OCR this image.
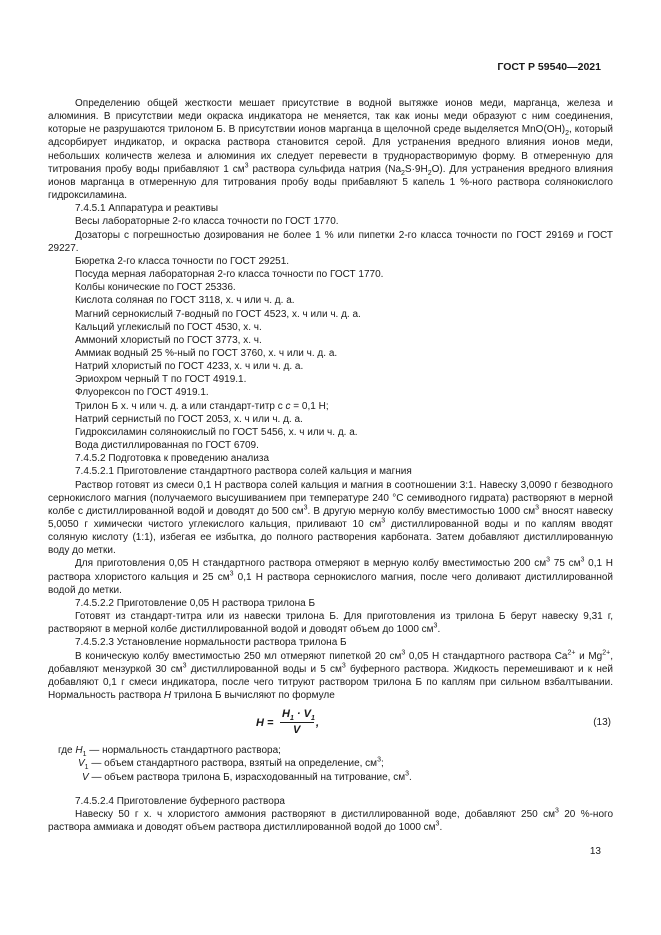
ГОСТ Р 59540—2021

Определению общей жесткости мешает присутствие в водной вытяжке ионов меди, марганца, железа и алюминия. В присутствии меди окраска индикатора не меняется, так как ионы меди образуют с ним соединения, которые не разрушаются трилоном Б. В присутствии ионов марганца в щелочной среде выделяется $MnO(OH)_2$, который адсорбирует индикатор, и окраска раствора становится серой. Для устранения вредного влияния ионов меди, небольших количеств железа и алюминия их следует перевести в труднорастворимую форму. В отмеренную для титрования пробу воды прибавляют 1 $см^3$ раствора сульфида натрия $(Na_2S\cdot 9H_2O)$. Для устранения вредного влияния ионов марганца в отмеренную для титрования пробу воды прибавляют 5 капель 1 %-ного раствора солянокислого гидроксиламина.

7.4.5.1 Аппаратура и реактивы

Весы лабораторные 2-го класса точности по ГОСТ 1770.

Дозаторы с погрешностью дозирования не более 1 % или пипетки 2-го класса точности по ГОСТ 29169 и ГОСТ 29227.

Бюретка 2-го класса точности по ГОСТ 29251.

Посуда мерная лабораторная 2-го класса точности по ГОСТ 1770.

Колбы конические по ГОСТ 25336.

Кислота соляная по ГОСТ 3118, х. ч или ч. д. а.

Магний сернокислый 7-водный по ГОСТ 4523, х. ч или ч. д. а.

Кальций углекислый по ГОСТ 4530, х. ч.

Аммоний хлористый по ГОСТ 3773, х. ч.

Аммиак водный 25 %-ный по ГОСТ 3760, х. ч или ч. д. а.

Натрий хлористый по ГОСТ 4233, х. ч или ч. д. а.

Эриохром черный Т по ГОСТ 4919.1.

Флуорексон по ГОСТ 4919.1.

Трилон Б х. ч или ч. д. а или стандарт-титр с c = 0,1 Н;

Натрий сернистый по ГОСТ 2053, х. ч или ч. д. а.

Гидроксиламин солянокислый по ГОСТ 5456, х. ч или ч. д. а.

Вода дистиллированная по ГОСТ 6709.

7.4.5.2 Подготовка к проведению анализа

7.4.5.2.1 Приготовление стандартного раствора солей кальция и магния

Раствор готовят из смеси 0,1 Н раствора солей кальция и магния в соотношении 3:1. Навеску 3,0090 г безводного сернокислого магния (получаемого высушиванием при температуре 240 °С семиводного гидрата) растворяют в мерной колбе с дистиллированной водой и доводят до 500 $см^3$. В другую мерную колбу вместимостью 1000 $см^3$ вносят навеску 5,0050 г химически чистого углекислого кальция, приливают 10 $см^3$ дистиллированной воды и по каплям вводят соляную кислоту (1:1), избегая ее избытка, до полного растворения карбоната. Затем добавляют дистиллированную воду до метки.

Для приготовления 0,05 Н стандартного раствора отмеряют в мерную колбу вместимостью 200 $см^3$ 75 $см^3$ 0,1 Н раствора хлористого кальция и 25 $см^3$ 0,1 Н раствора сернокислого магния, после чего доливают дистиллированной водой до метки.

7.4.5.2.2 Приготовление 0,05 Н раствора трилона Б

Готовят из стандарт-титра или из навески трилона Б. Для приготовления из трилона Б берут навеску 9,31 г, растворяют в мерной колбе дистиллированной водой и доводят объем до 1000 $см^3$.

7.4.5.2.3 Установление нормальности раствора трилона Б

В коническую колбу вместимостью 250 мл отмеряют пипеткой 20 $см^3$ 0,05 Н стандартного раствора $Ca^{2+}$ и $Mg^{2+}$, добавляют мензуркой 30 $см^3$ дистиллированной воды и 5 $см^3$ буферного раствора. Жидкость перемешивают и к ней добавляют 0,1 г смеси индикатора, после чего титруют раствором трилона Б по каплям при сильном взбалтывании. Нормальность раствора H трилона Б вычисляют по формуле

H =
$H_1 \cdot V_1$
V
,	(13)

где $H_1$ — нормальность стандартного раствора;

$V_1$ — объем стандартного раствора, взятый на определение, $см^3$;

V — объем раствора трилона Б, израсходованный на титрование, $см^3$.

7.4.5.2.4 Приготовление буферного раствора

Навеску 50 г х. ч хлористого аммония растворяют в дистиллированной воде, добавляют 250 $см^3$ 20 %-ного раствора аммиака и доводят объем раствора дистиллированной водой до 1000 $см^3$.

13
